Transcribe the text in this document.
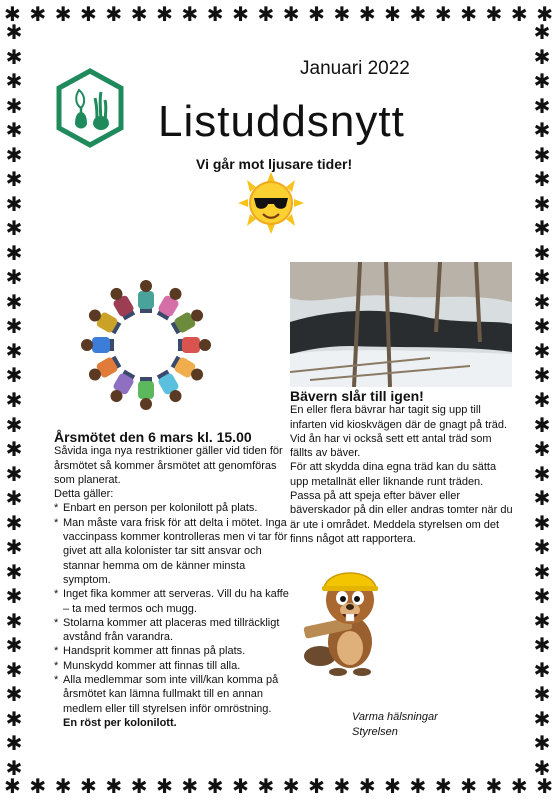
✱ ✱ ✱ ✱ ✱ ✱ ✱ ✱ ✱ ✱ ✱ ✱ ✱ ✱ ✱ ✱ ✱ ✱ ✱ ✱ ✱ ✱
✱ ✱ ✱ ✱ ✱ ✱ ✱ ✱ ✱ ✱ ✱ ✱ ✱ ✱ ✱ ✱ ✱ ✱ ✱ ✱ ✱ ✱
✱
✱
✱
✱
✱
✱
✱
✱
✱
✱
✱
✱
✱
✱
✱
✱
✱
✱
✱
✱
✱
✱
✱
✱
✱
✱
✱
✱
✱
✱
✱
✱
✱
✱
✱
✱
✱
✱
✱
✱
✱
✱
✱
✱
✱
✱
✱
✱
✱
✱
✱
✱
✱
✱
✱
✱
✱
✱
✱
✱
✱
✱
Januari 2022
Listuddsnytt
Vi går mot ljusare tider!
Årsmötet den 6 mars kl. 15.00

Såvida inga nya restriktioner gäller vid tiden för årsmötet så kommer årsmötet att genomföras som planerat.

Detta gäller:

* Enbart en person per kolonilott på plats.
* Man måste vara frisk för att delta i mötet. Inga vaccinpass kommer kontrolleras men vi tar för givet att alla kolonister tar sitt ansvar och stannar hemma om de känner minsta symptom.
* Inget fika kommer att serveras. Vill du ha kaffe – ta med termos och mugg.
* Stolarna kommer att placeras med tillräckligt avstånd från varandra.
* Handsprit kommer att finnas på plats.
* Munskydd kommer att finnas till alla.
* Alla medlemmar som inte vill/kan komma på årsmötet kan lämna fullmakt till en annan medlem eller till styrelsen inför omröstning.

En röst per kolonilott.

Bävern slår till igen!

En eller flera bävrar har tagit sig upp till infarten vid kioskvägen där de gnagt på träd. Vid ån har vi också sett ett antal träd som fällts av bäver.

För att skydda dina egna träd kan du sätta upp metallnät eller liknande runt träden.

Passa på att speja efter bäver eller bäverskador på din eller andras tomter när du är ute i området. Meddela styrelsen om det finns något att rapportera.

Varma hälsningar
Styrelsen
